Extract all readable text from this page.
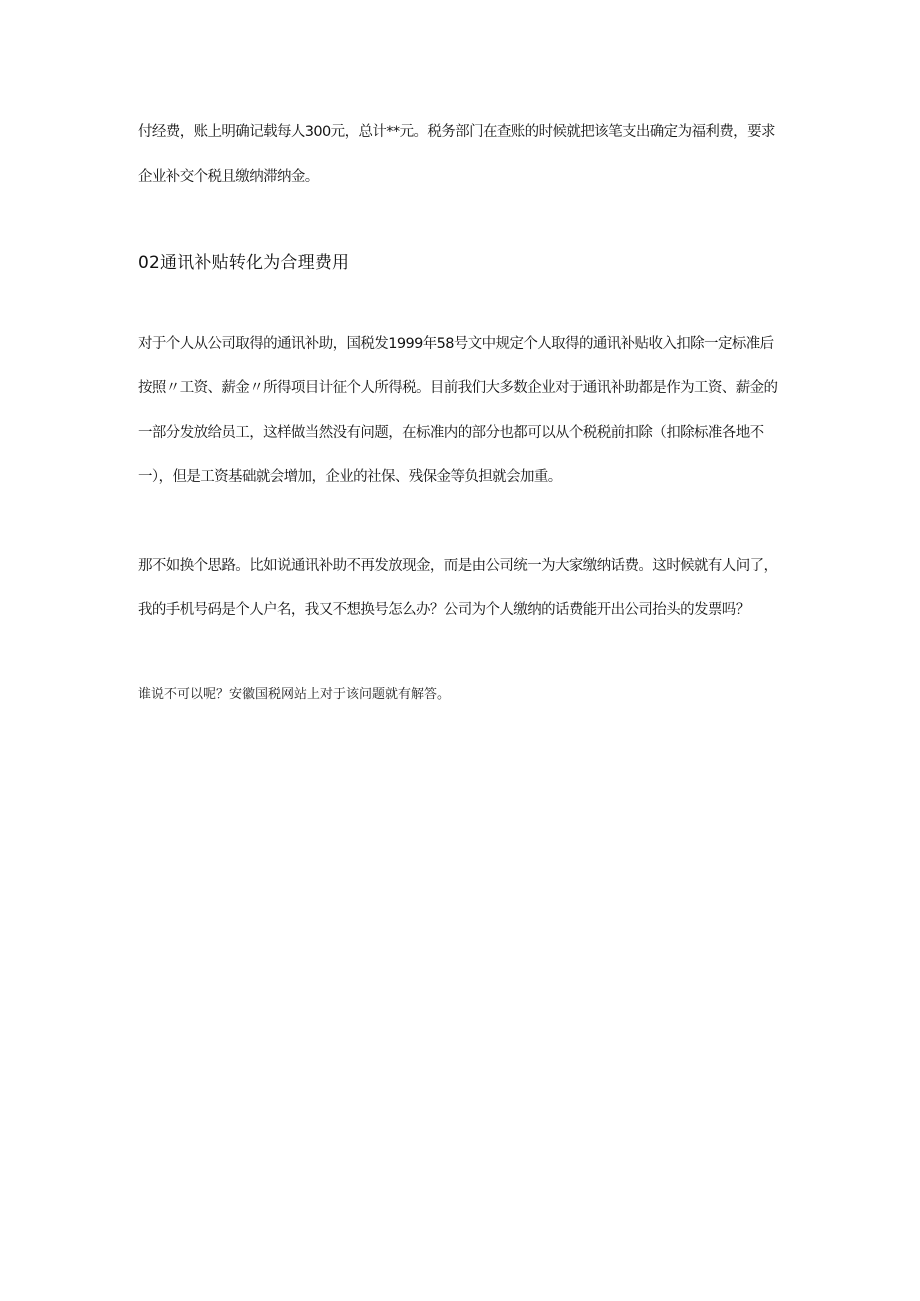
付经费，账上明确记载每人300元，总计**元。税务部门在查账的时候就把该笔支出确定为福利费，要求
企业补交个税且缴纳滞纳金。
02通讯补贴转化为合理费用
对于个人从公司取得的通讯补助，国税发1999年58号文中规定个人取得的通讯补贴收入扣除一定标准后
按照〃工资、薪金〃所得项目计征个人所得税。目前我们大多数企业对于通讯补助都是作为工资、薪金的
一部分发放给员工，这样做当然没有问题，在标准内的部分也都可以从个税税前扣除（扣除标准各地不
一），但是工资基础就会增加，企业的社保、残保金等负担就会加重。
那不如换个思路。比如说通讯补助不再发放现金，而是由公司统一为大家缴纳话费。这时候就有人问了，
我的手机号码是个人户名，我又不想换号怎么办？公司为个人缴纳的话费能开出公司抬头的发票吗？
谁说不可以呢？安徽国税网站上对于该问题就有解答。
